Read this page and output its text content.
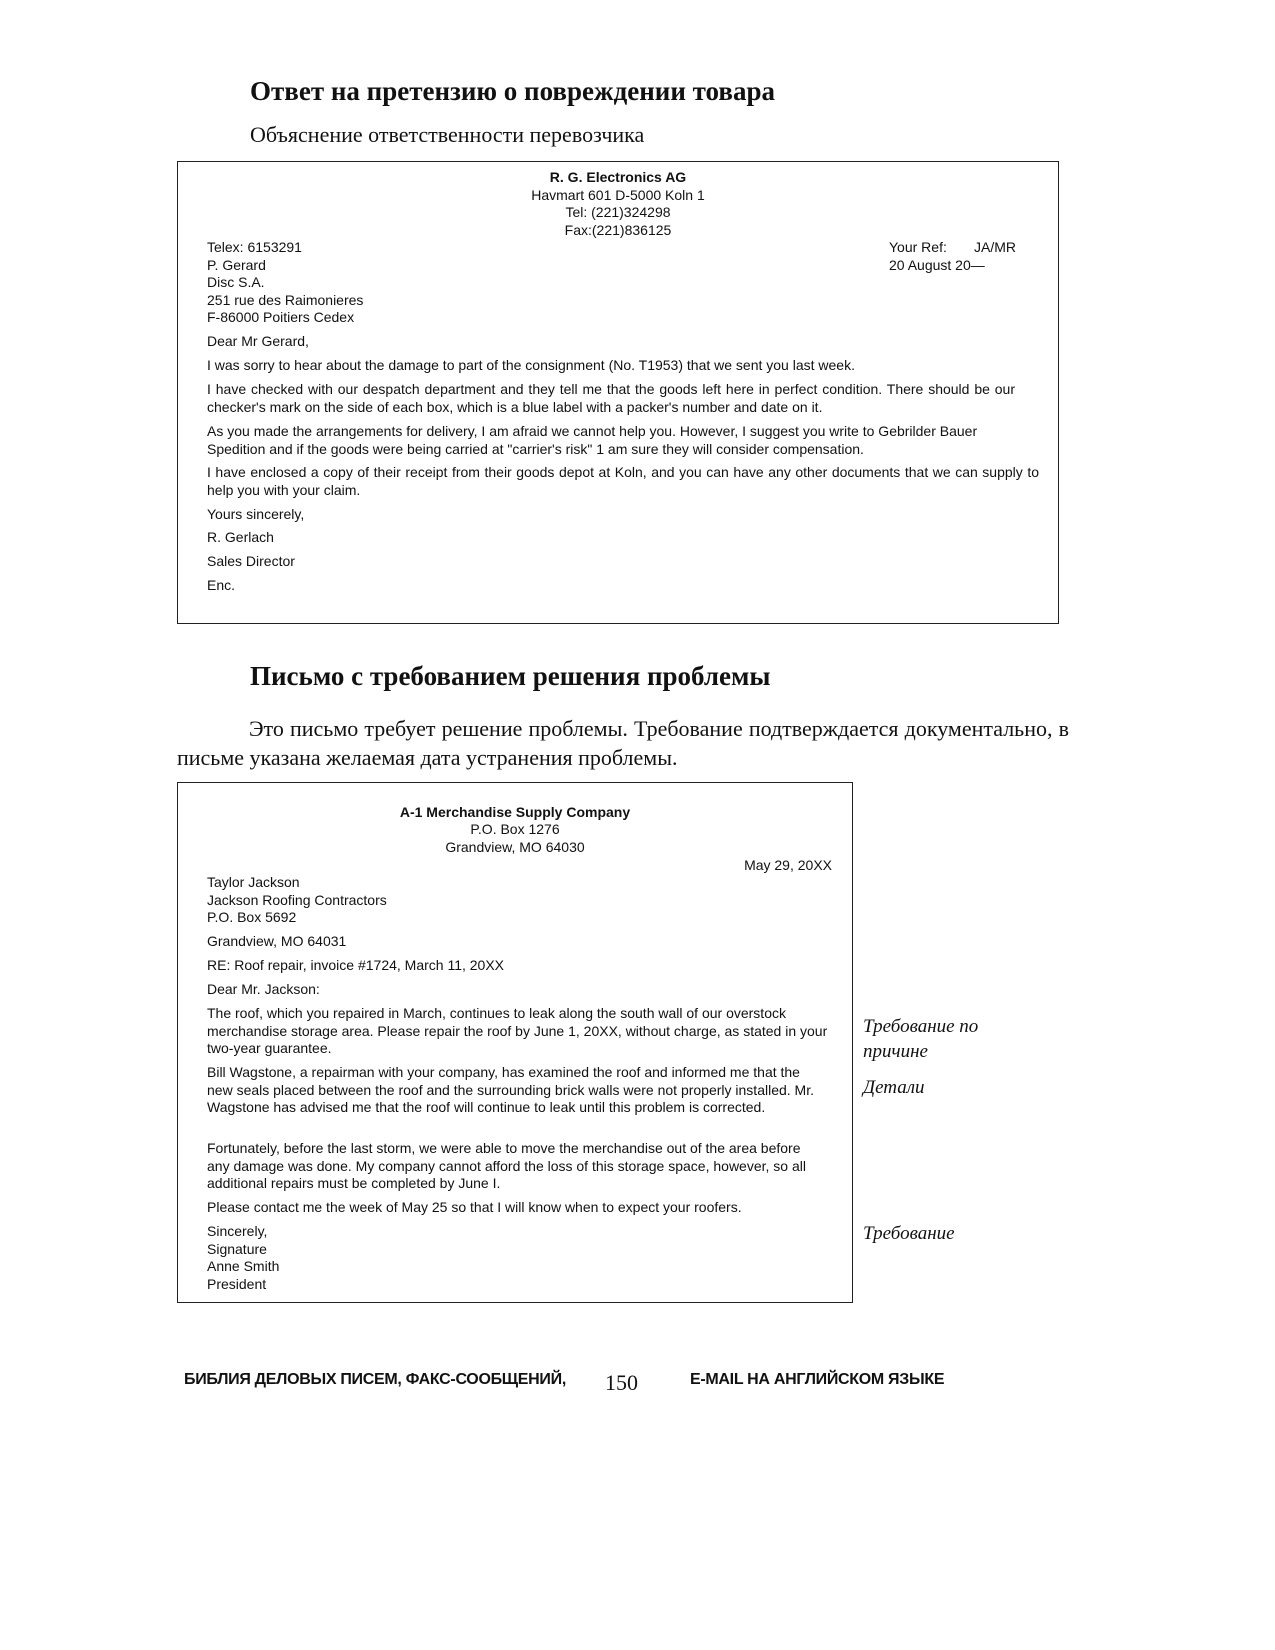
Ответ на претензию о повреждении товара
Объяснение ответственности перевозчика
R. G. Electronics AG
Havmart 601 D-5000 Koln 1
Tel: (221)324298
Fax:(221)836125
Telex: 6153291
P. Gerard
Disc S.A.
251 rue des Raimonieres
F-86000 Poitiers Cedex
Your Ref: JA/MR
20 August 20—
Dear Mr Gerard,
I was sorry to hear about the damage to part of the consignment (No. T1953) that we sent you last week.
I have checked with our despatch department and they tell me that the goods left here in perfect condition. There should be our checker's mark on the side of each box, which is a blue label with a packer's number and date on it.
As you made the arrangements for delivery, I am afraid we cannot help you. However, I suggest you write to Gebrilder Bauer Spedition and if the goods were being carried at "carrier's risk" 1 am sure they will consider compensation.
I have enclosed a copy of their receipt from their goods depot at Koln, and you can have any other documents that we can supply to help you with your claim.
Yours sincerely,
R. Gerlach
Sales Director
Enc.
Письмо с требованием решения проблемы
Это письмо требует решение проблемы. Требование подтверждается документально, в письме указана желаемая дата устранения проблемы.
A-1 Merchandise Supply Company
P.O. Box 1276
Grandview, MO 64030
May 29, 20XX
Taylor Jackson
Jackson Roofing Contractors
P.O. Box 5692
Grandview, MO 64031
RE: Roof repair, invoice #1724, March 11, 20XX
Dear Mr. Jackson:
The roof, which you repaired in March, continues to leak along the south wall of our overstock merchandise storage area. Please repair the roof by June 1, 20XX, without charge, as stated in your two-year guarantee.
Bill Wagstone, a repairman with your company, has examined the roof and informed me that the new seals placed between the roof and the surrounding brick walls were not properly installed. Mr. Wagstone has advised me that the roof will continue to leak until this problem is corrected.
Fortunately, before the last storm, we were able to move the merchandise out of the area before any damage was done. My company cannot afford the loss of this storage space, however, so all additional repairs must be completed by June I.
Please contact me the week of May 25 so that I will know when to expect your roofers.
Sincerely,
Signature
Anne Smith
President
Требование по
причине
Детали
Требование
БИБЛИЯ ДЕЛОВЫХ ПИСЕМ, ФАКС-СООБЩЕНИЙ, 150	E-MAIL НА АНГЛИЙСКОМ ЯЗЫКЕ
